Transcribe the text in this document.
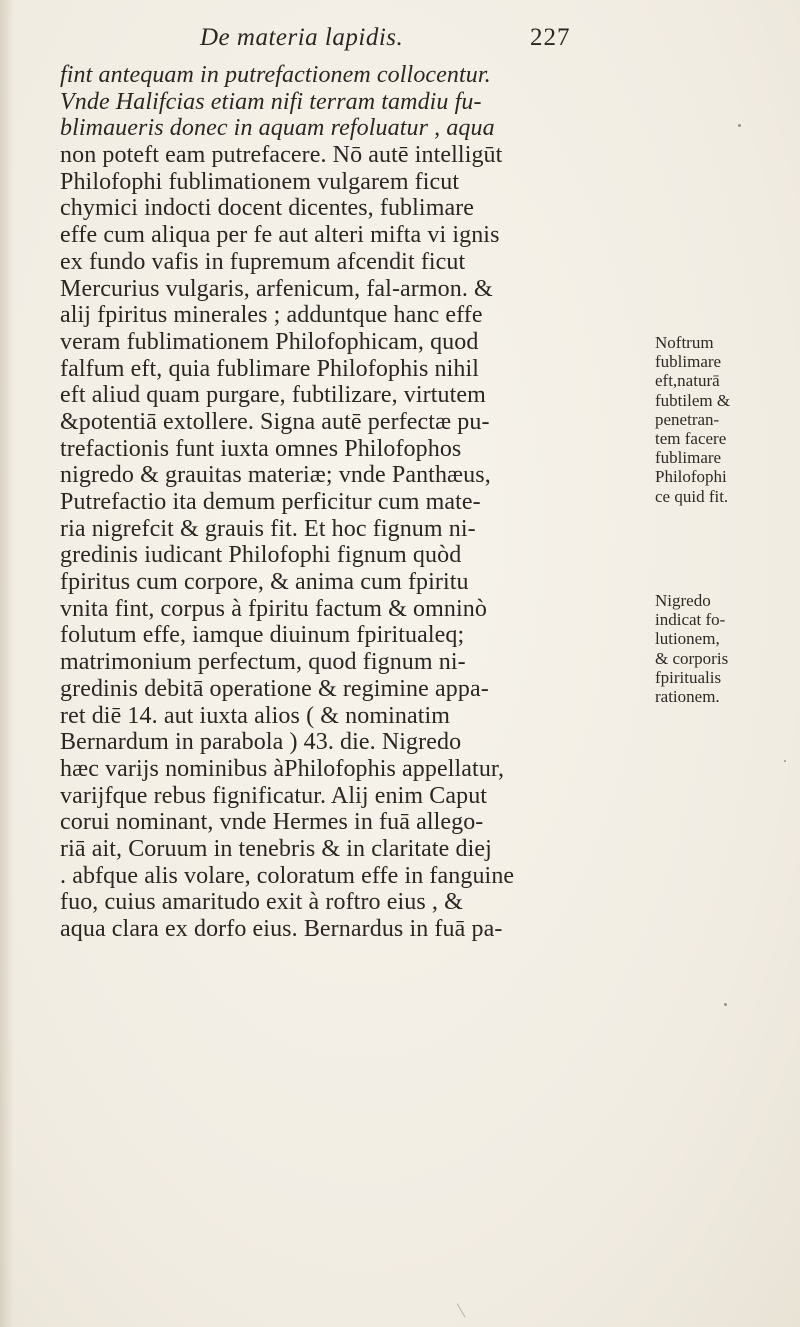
De materia lapidis.	227
fint antequam in putrefactionem collocentur.
Vnde Halifcias etiam nifi terram tamdiu fu-
blimaueris donec in aquam refoluatur , aqua
non poteft eam putrefacere. Nō autē intelligūt
Philofophi fublimationem vulgarem ficut
chymici indocti docent dicentes, fublimare
effe cum aliqua per fe aut alteri mifta vi ignis
ex fundo vafis in fupremum afcendit ficut
Mercurius vulgaris, arfenicum, fal-armon. &
alij fpiritus minerales ; adduntque hanc effe
veram fublimationem Philofophicam, quod
falfum eft, quia fublimare Philofophis nihil
eft aliud quam purgare, fubtilizare, virtutem
&potentiā extollere. Signa autē perfectæ pu-
trefactionis funt iuxta omnes Philofophos
nigredo & grauitas materiæ; vnde Panthæus,
Putrefactio ita demum perficitur cum mate-
ria nigrefcit & grauis fit. Et hoc fignum ni-
gredinis iudicant Philofophi fignum quòd
fpiritus cum corpore, & anima cum fpiritu
vnita fint, corpus à fpiritu factum & omninò
folutum effe, iamque diuinum fpiritualeq;
matrimonium perfectum, quod fignum ni-
gredinis debitā operatione & regimine appa-
ret diē 14. aut iuxta alios ( & nominatim
Bernardum in parabola ) 43. die. Nigredo
hæc varijs nominibus àPhilofophis appellatur,
varijfque rebus fignificatur. Alij enim Caput
corui nominant, vnde Hermes in fuā allego-
riā ait, Coruum in tenebris & in claritate diej
. abfque alis volare, coloratum effe in fanguine
fuo, cuius amaritudo exit à roftro eius , &
aqua clara ex dorfo eius. Bernardus in fuā pa-
Noftrum
fublimare
eft,naturā
fubtilem &
penetran-
tem facere
fublimare
Philofophi
ce quid fit.
Nigredo
indicat fo-
lutionem,
& corporis
fpiritualis
rationem.
